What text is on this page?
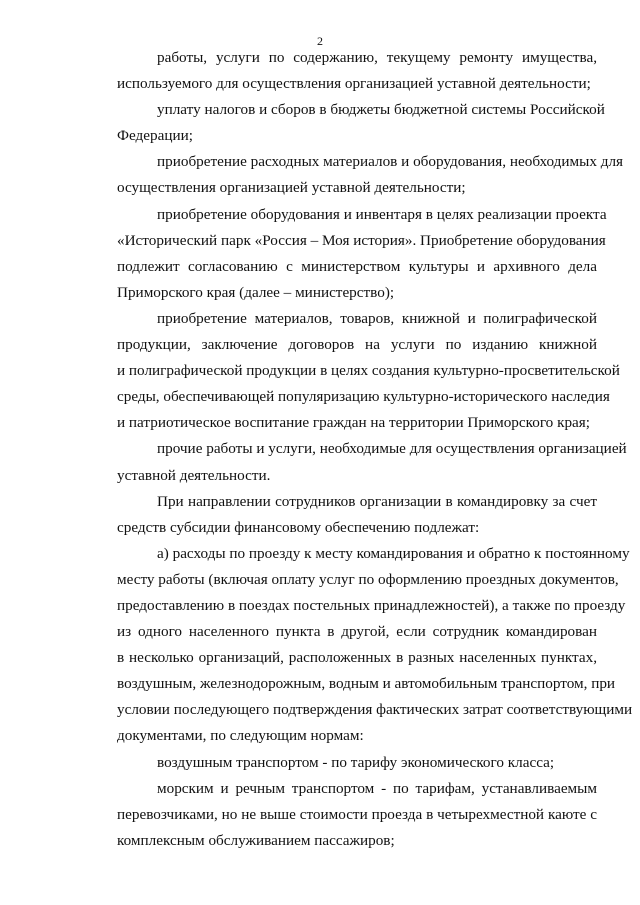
2
работы, услуги по содержанию, текущему ремонту имущества,
используемого для осуществления организацией уставной деятельности;
уплату налогов и сборов в бюджеты бюджетной системы Российской
Федерации;
приобретение расходных материалов и оборудования, необходимых для
осуществления организацией уставной деятельности;
приобретение оборудования и инвентаря в целях реализации проекта
«Исторический парк «Россия – Моя история». Приобретение оборудования
подлежит согласованию с министерством культуры и архивного дела
Приморского края (далее – министерство);
приобретение материалов, товаров, книжной и полиграфической
продукции, заключение договоров на услуги по изданию книжной
и полиграфической продукции в целях создания культурно-просветительской
среды, обеспечивающей популяризацию культурно-исторического наследия
и патриотическое воспитание граждан на территории Приморского края;
прочие работы и услуги, необходимые для осуществления организацией
уставной деятельности.
При направлении сотрудников организации в командировку за счет
средств субсидии финансовому обеспечению подлежат:
а) расходы по проезду к месту командирования и обратно к постоянному
месту работы (включая оплату услуг по оформлению проездных документов,
предоставлению в поездах постельных принадлежностей), а также по проезду
из одного населенного пункта в другой, если сотрудник командирован
в несколько организаций, расположенных в разных населенных пунктах,
воздушным, железнодорожным, водным и автомобильным транспортом, при
условии последующего подтверждения фактических затрат соответствующими
документами, по следующим нормам:
воздушным транспортом - по тарифу экономического класса;
морским и речным транспортом - по тарифам, устанавливаемым
перевозчиками, но не выше стоимости проезда в четырехместной каюте с
комплексным обслуживанием пассажиров;
